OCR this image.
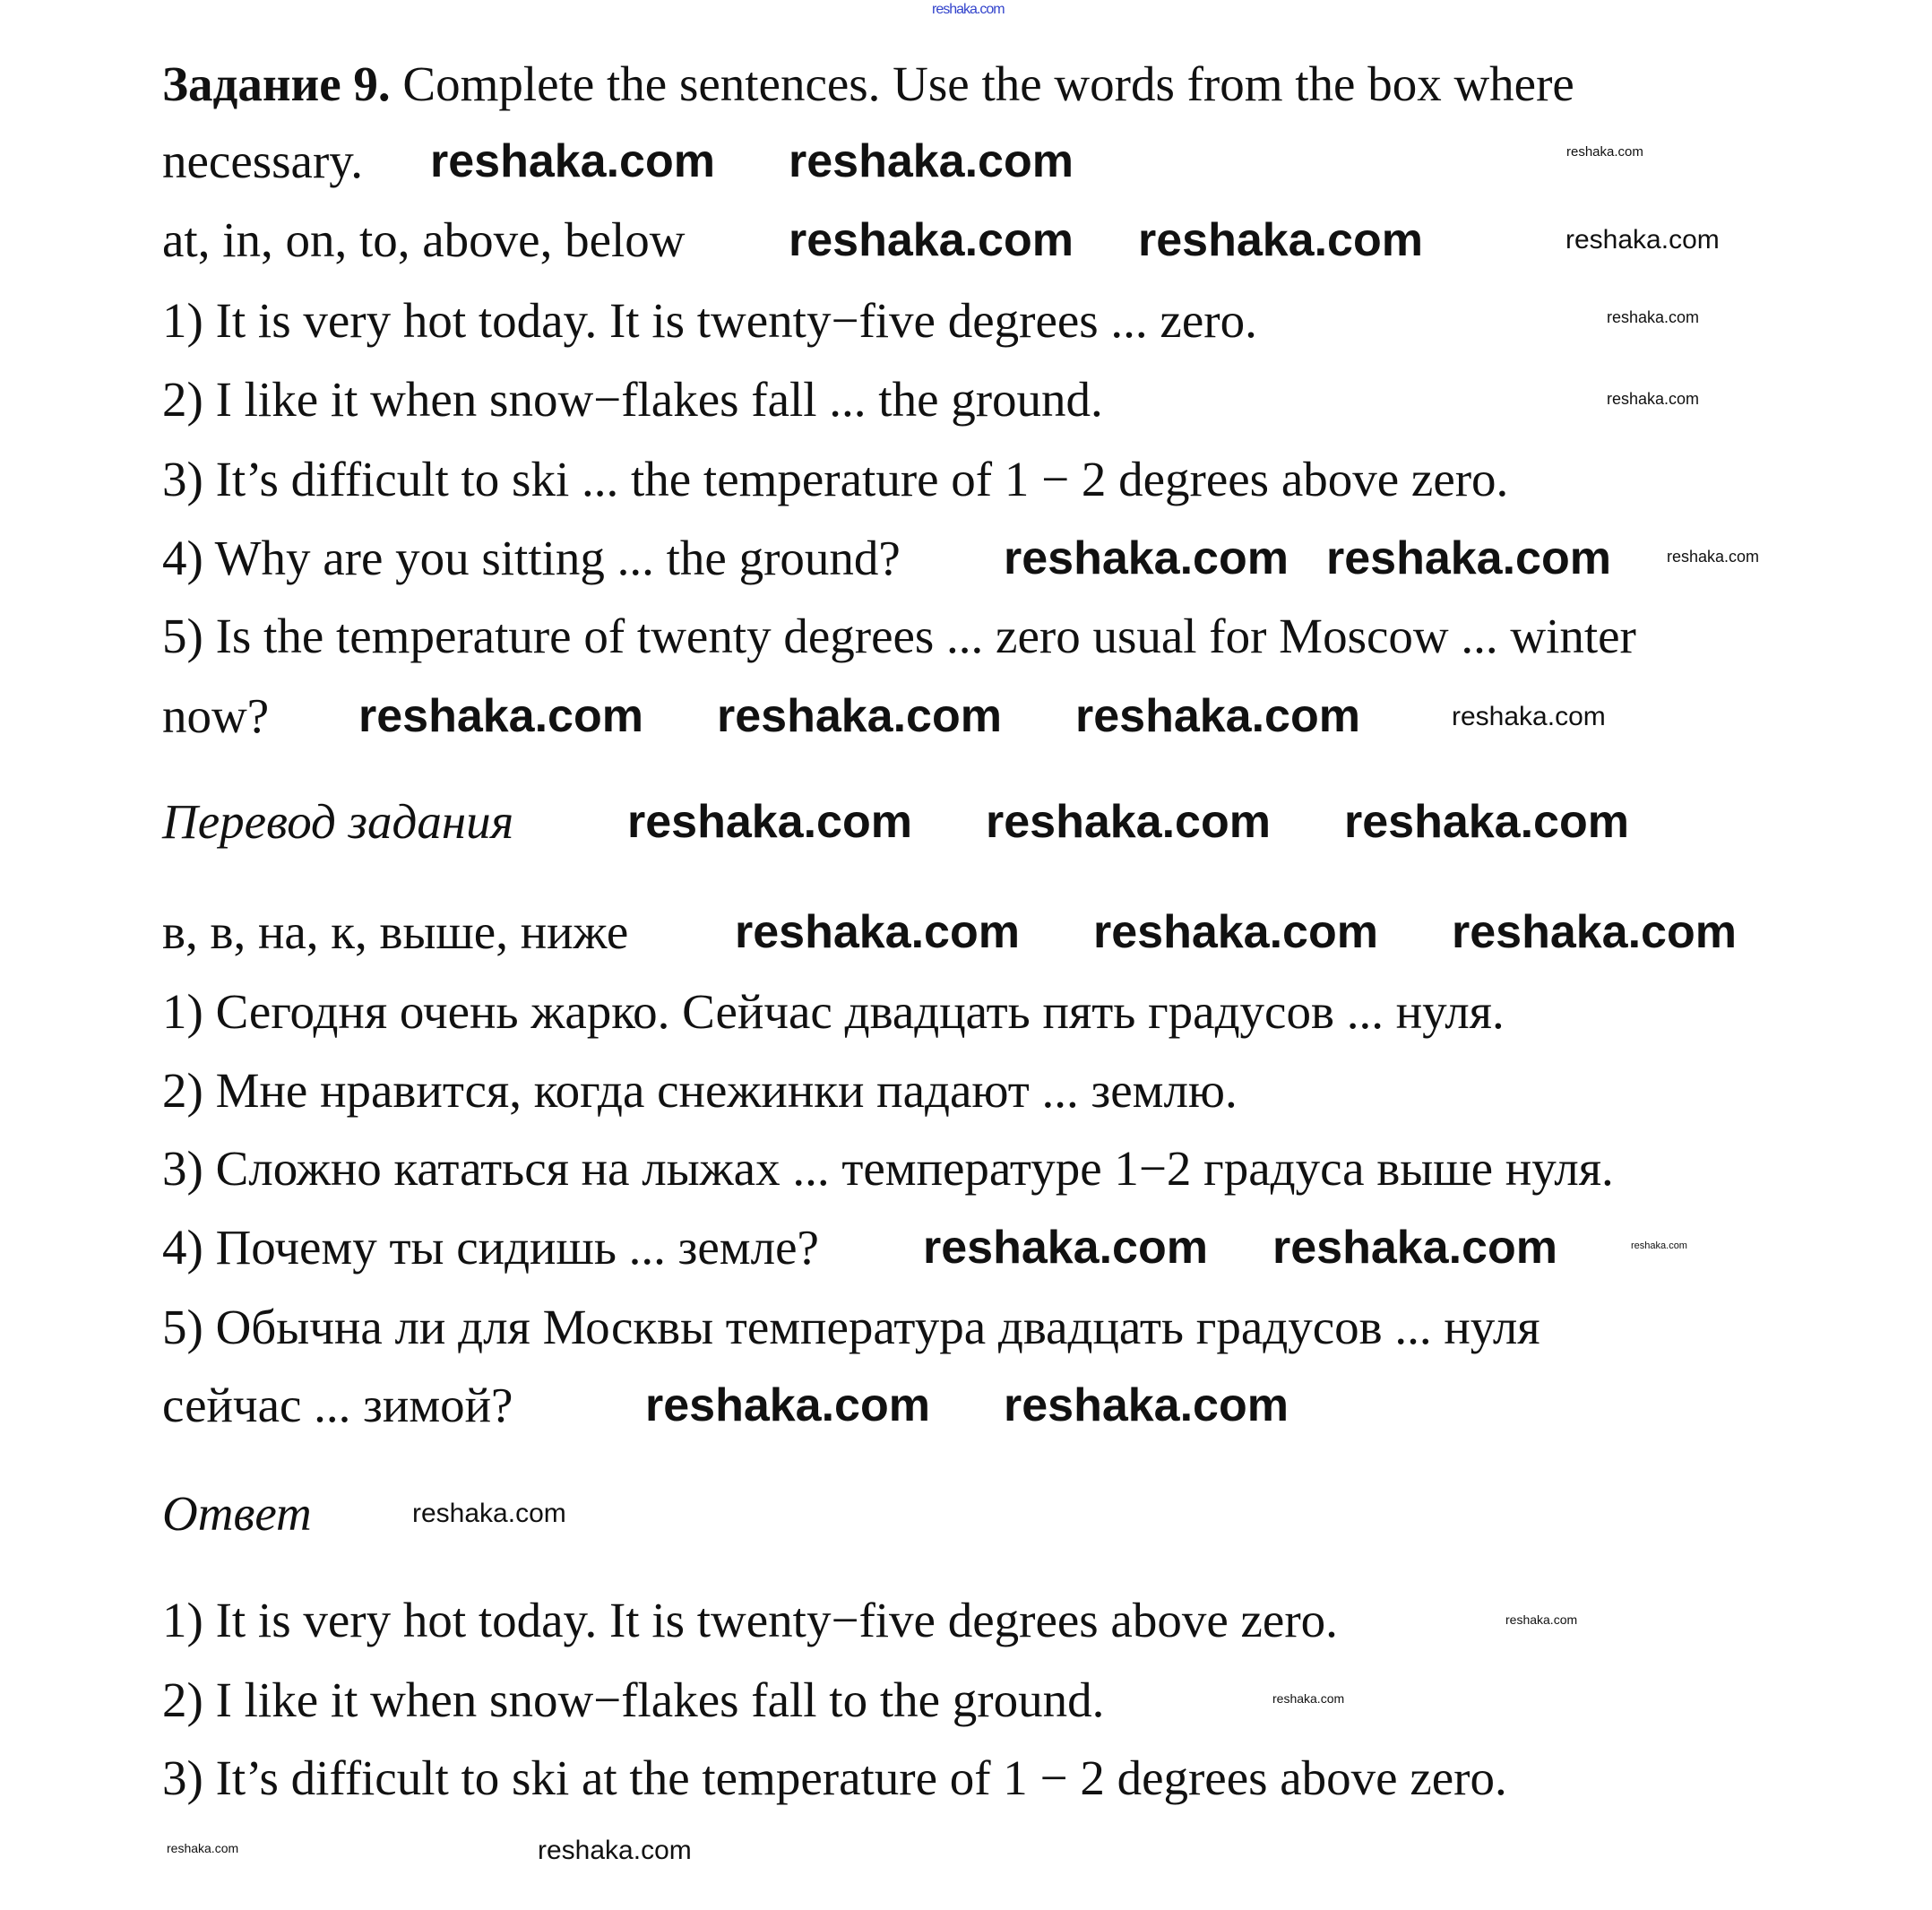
reshaka.com
Задание 9. Complete the sentences. Use the words from the box where
necessary.
at, in, on, to, above, below
1) It is very hot today. It is twenty−five degrees ... zero.
2) I like it when snow−flakes fall ... the ground.
3) It’s difficult to ski ... the temperature of 1 − 2 degrees above zero.
4) Why are you sitting ... the ground?
5) Is the temperature of twenty degrees ... zero usual for Moscow ... winter
now?
Перевод задания
в, в, на, к, выше, ниже
1) Сегодня очень жарко. Сейчас двадцать пять градусов ... нуля.
2) Мне нравится, когда снежинки падают ... землю.
3) Сложно кататься на лыжах ... температуре 1−2 градуса выше нуля.
4) Почему ты сидишь ... земле?
5) Обычна ли для Москвы температура двадцать градусов ... нуля
сейчас ... зимой?
Ответ
1) It is very hot today. It is twenty−five degrees above zero.
2) I like it when snow−flakes fall to the ground.
3) It’s difficult to ski at the temperature of 1 − 2 degrees above zero.
reshaka.com reshaka.com
reshaka.com reshaka.com
reshaka.com reshaka.com
reshaka.com reshaka.com reshaka.com
reshaka.com reshaka.com reshaka.com
reshaka.com reshaka.com reshaka.com
reshaka.com reshaka.com
reshaka.com reshaka.com
reshaka.com
reshaka.com
reshaka.com
reshaka.com
reshaka.com
reshaka.com
reshaka.com
reshaka.com
reshaka.com
reshaka.com
reshaka.com
reshaka.com
